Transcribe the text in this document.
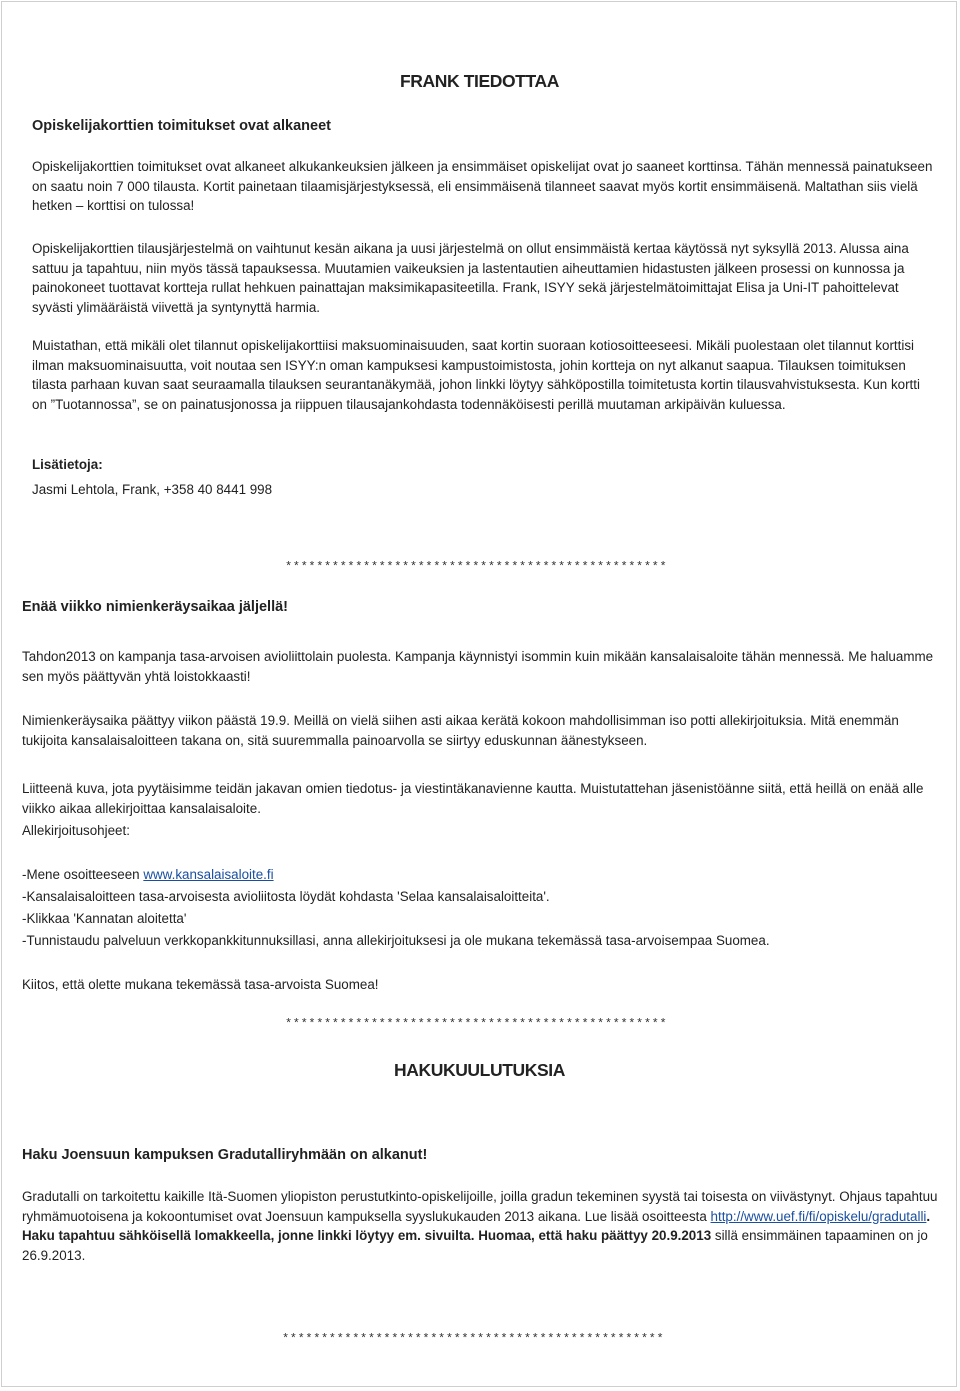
FRANK TIEDOTTAA
Opiskelijakorttien toimitukset ovat alkaneet
Opiskelijakorttien toimitukset ovat alkaneet alkukankeuksien jälkeen ja ensimmäiset opiskelijat ovat jo saaneet korttinsa. Tähän mennessä painatukseen on saatu noin 7 000 tilausta. Kortit painetaan tilaamisjärjestyksessä, eli ensimmäisenä tilanneet saavat myös kortit ensimmäisenä. Maltathan siis vielä hetken – korttisi on tulossa!
Opiskelijakorttien tilausjärjestelmä on vaihtunut kesän aikana ja uusi järjestelmä on ollut ensimmäistä kertaa käytössä nyt syksyllä 2013. Alussa aina sattuu ja tapahtuu, niin myös tässä tapauksessa. Muutamien vaikeuksien ja lastentautien aiheuttamien hidastusten jälkeen prosessi on kunnossa ja painokoneet tuottavat kortteja rullat hehkuen painattajan maksimikapasiteetilla. Frank, ISYY sekä järjestelmätoimittajat Elisa ja Uni-IT pahoittelevat syvästi ylimääräistä viivettä ja syntynyttä harmia.
Muistathan, että mikäli olet tilannut opiskelijakorttiisi maksuominaisuuden, saat kortin suoraan kotiosoitteeseesi. Mikäli puolestaan olet tilannut korttisi ilman maksuominaisuutta, voit noutaa sen ISYY:n oman kampuksesi kampustoimistosta, johin kortteja on nyt alkanut saapua. Tilauksen toimituksen tilasta parhaan kuvan saat seuraamalla tilauksen seurantanäkymää, johon linkki löytyy sähköpostilla toimitetusta kortin tilausvahvistuksesta. Kun kortti on ”Tuotannossa”, se on painatusjonossa ja riippuen tilausajankohdasta todennäköisesti perillä muutaman arkipäivän kuluessa.
Lisätietoja:
Jasmi Lehtola, Frank, +358 40 8441 998
*************************************************
Enää viikko nimienkeräysaikaa jäljellä!
Tahdon2013 on kampanja tasa-arvoisen avioliittolain puolesta. Kampanja käynnistyi isommin kuin mikään kansalaisaloite tähän mennessä. Me haluamme sen myös päättyvän yhtä loistokkaasti!
Nimienkeräysaika päättyy viikon päästä 19.9. Meillä on vielä siihen asti aikaa kerätä kokoon mahdollisimman iso potti allekirjoituksia. Mitä enemmän tukijoita kansalaisaloitteen takana on, sitä suuremmalla painoarvolla se siirtyy eduskunnan äänestykseen.
Liitteenä kuva, jota pyytäisimme teidän jakavan omien tiedotus- ja viestintäkanavienne kautta. Muistutattehan jäsenistöänne siitä, että heillä on enää alle viikko aikaa allekirjoittaa kansalaisaloite.
Allekirjoitusohjeet:
-Mene osoitteeseen www.kansalaisaloite.fi
-Kansalaisaloitteen tasa-arvoisesta avioliitosta löydät kohdasta 'Selaa kansalaisaloitteita'.
-Klikkaa 'Kannatan aloitetta'
-Tunnistaudu palveluun verkkopankkitunnuksillasi, anna allekirjoituksesi ja ole mukana tekemässä tasa-arvoisempaa Suomea.
Kiitos, että olette mukana tekemässä tasa-arvoista Suomea!
*************************************************
HAKUKUULUTUKSIA
Haku Joensuun kampuksen Gradutalliryhmään on alkanut!
Gradutalli on tarkoitettu kaikille Itä-Suomen yliopiston perustutkinto-opiskelijoille, joilla gradun tekeminen syystä tai toisesta on viivästynyt. Ohjaus tapahtuu ryhmämuotoisena ja kokoontumiset ovat Joensuun kampuksella syyslukukauden 2013 aikana. Lue lisää osoitteesta http://www.uef.fi/fi/opiskelu/gradutalli. Haku tapahtuu sähköisellä lomakkeella, jonne linkki löytyy em. sivuilta. Huomaa, että haku päättyy 20.9.2013 sillä ensimmäinen tapaaminen on jo 26.9.2013.
*************************************************
